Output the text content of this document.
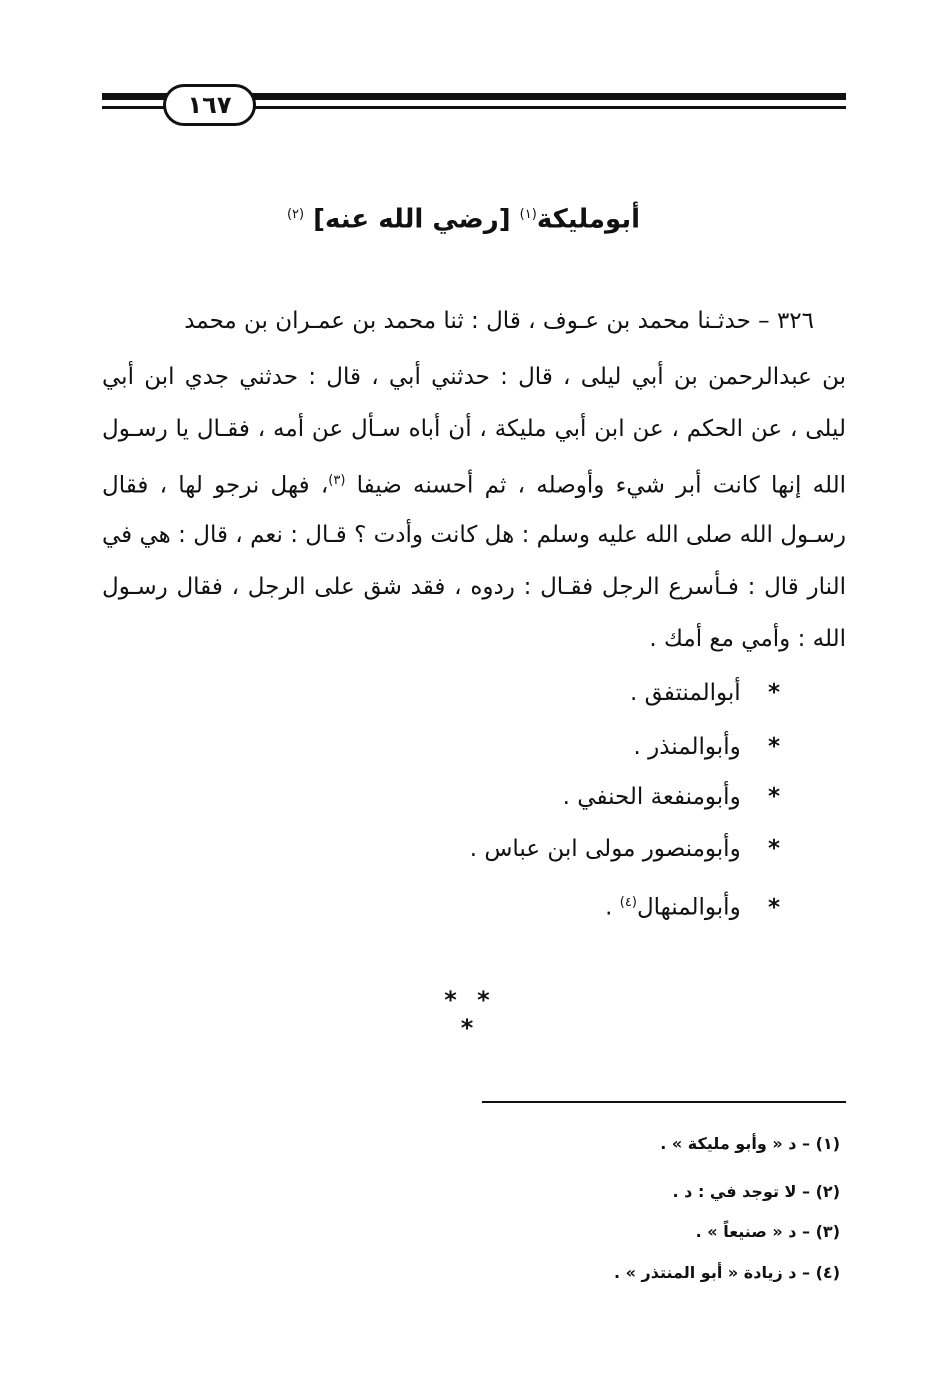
١٦٧
أبومليكة$^{(١)}$ [رضي الله عنه] $^{(٢)}$
٣٢٦ – حدثـنا محمد بن عـوف ، قال : ثنا محمد بن عمـران بن محمد
بن عبدالرحمن بن أبي ليلى ، قال : حدثني أبي ، قال : حدثني جدي ابن أبي
ليلى ، عن الحكم ، عن ابن أبي مليكة ، أن أباه سـأل عن أمه ، فقـال يا رسـول
الله إنها كانت أبر شيء وأوصله ، ثم أحسنه ضيفا $^{(٣)}$، فهل نرجو لها ، فقال
رسـول الله صلى الله عليه وسلم : هل كانت وأدت ؟ قـال : نعم ، قال : هي في
النار قال : فـأسرع الرجل فقـال : ردوه ، فقد شق على الرجل ، فقال رسـول
الله : وأمي مع أمك .
* أبوالمنتفق .
* وأبوالمنذر .
* وأبومنفعة الحنفي .
* وأبومنصور مولى ابن عباس .
* وأبوالمنهال$^{(٤)}$ .
* * *
(١) – د « وأبو مليكة » .
(٢) – لا توجد في : د .
(٣) – د « صنيعاً » .
(٤) – د زيادة « أبو المنتذر » .
